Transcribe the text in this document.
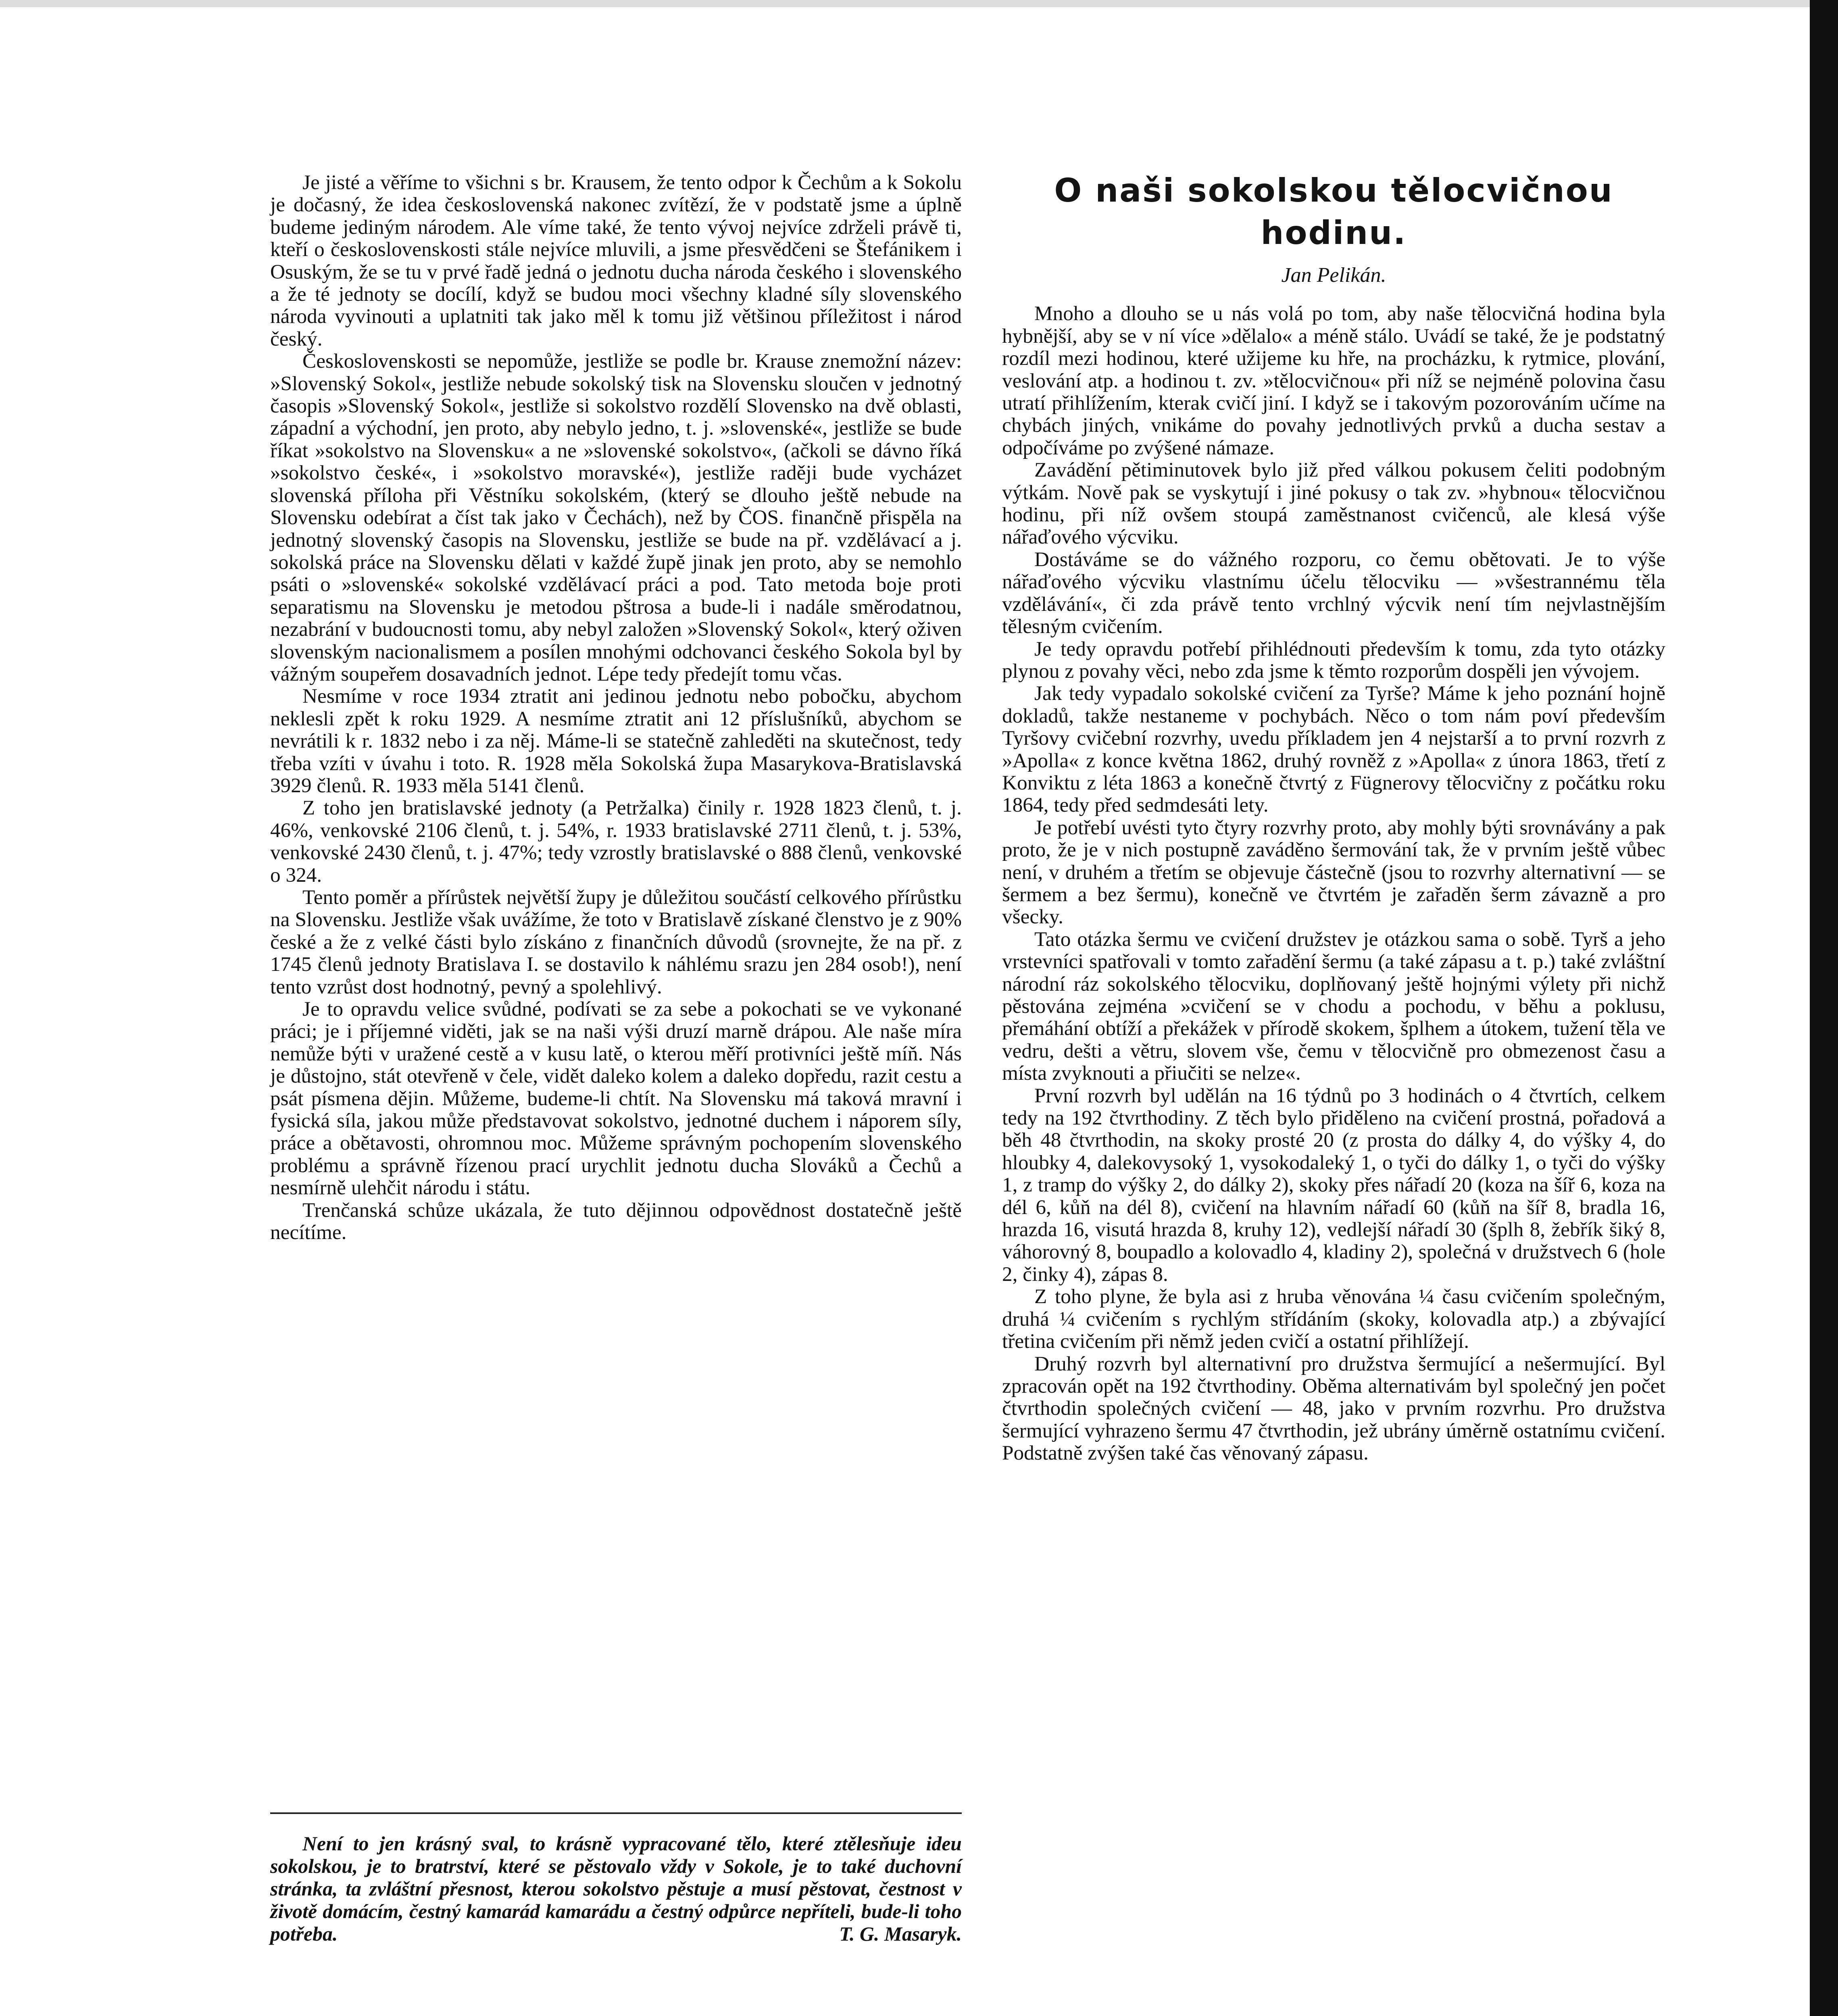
Je jisté a věříme to všichni s br. Krausem, že tento odpor k Čechům a k Sokolu je dočasný, že idea československá nakonec zvítězí, že v podstatě jsme a úplně budeme jediným národem. Ale víme také, že tento vývoj nejvíce zdrželi právě ti, kteří o československosti stále nejvíce mluvili, a jsme přesvědčeni se Štefánikem i Osuským, že se tu v prvé řadě jedná o jednotu ducha národa českého i slovenského a že té jednoty se docílí, když se budou moci všechny kladné síly slovenského národa vyvinouti a uplatniti tak jako měl k tomu již většinou příležitost i národ český.

Československosti se nepomůže, jestliže se podle br. Krause znemožní název: »Slovenský Sokol«, jestliže nebude sokolský tisk na Slovensku sloučen v jednotný časopis »Slovenský Sokol«, jestliže si sokolstvo rozdělí Slovensko na dvě oblasti, západní a východní, jen proto, aby nebylo jedno, t. j. »slovenské«, jestliže se bude říkat »sokolstvo na Slovensku« a ne »slovenské sokolstvo«, (ačkoli se dávno říká »sokolstvo české«, i »sokolstvo moravské«), jestliže raději bude vycházet slovenská příloha při Věstníku sokolském, (který se dlouho ještě nebude na Slovensku odebírat a číst tak jako v Čechách), než by ČOS. finančně přispěla na jednotný slovenský časopis na Slovensku, jestliže se bude na př. vzdělávací a j. sokolská práce na Slovensku dělati v každé župě jinak jen proto, aby se nemohlo psáti o »slovenské« sokolské vzdělávací práci a pod. Tato metoda boje proti separatismu na Slovensku je metodou pštrosa a bude-li i nadále směrodatnou, nezabrání v budoucnosti tomu, aby nebyl založen »Slovenský Sokol«, který oživen slovenským nacionalismem a posílen mnohými odchovanci českého Sokola byl by vážným soupeřem dosavadních jednot. Lépe tedy předejít tomu včas.

Nesmíme v roce 1934 ztratit ani jedinou jednotu nebo pobočku, abychom neklesli zpět k roku 1929. A nesmíme ztratit ani 12 příslušníků, abychom se nevrátili k r. 1832 nebo i za něj. Máme-li se statečně zahleděti na skutečnost, tedy třeba vzíti v úvahu i toto. R. 1928 měla Sokolská župa Masarykova-Bratislavská 3929 členů. R. 1933 měla 5141 členů.

Z toho jen bratislavské jednoty (a Petržalka) činily r. 1928 1823 členů, t. j. 46%, venkovské 2106 členů, t. j. 54%, r. 1933 bratislavské 2711 členů, t. j. 53%, venkovské 2430 členů, t. j. 47%; tedy vzrostly bratislavské o 888 členů, venkovské o 324.

Tento poměr a přírůstek největší župy je důležitou součástí celkového přírůstku na Slovensku. Jestliže však uvážíme, že toto v Bratislavě získané členstvo je z 90% české a že z velké části bylo získáno z finančních důvodů (srovnejte, že na př. z 1745 členů jednoty Bratislava I. se dostavilo k náhlému srazu jen 284 osob!), není tento vzrůst dost hodnotný, pevný a spolehlivý.

Je to opravdu velice svůdné, podívati se za sebe a pokochati se ve vykonané práci; je i příjemné viděti, jak se na naši výši druzí marně drápou. Ale naše míra nemůže býti v uražené cestě a v kusu latě, o kterou měří protivníci ještě míň. Nás je důstojno, stát otevřeně v čele, vidět daleko kolem a daleko dopředu, razit cestu a psát písmena dějin. Můžeme, budeme-li chtít. Na Slovensku má taková mravní i fysická síla, jakou může představovat sokolstvo, jednotné duchem i náporem síly, práce a obětavosti, ohromnou moc. Můžeme správným pochopením slovenského problému a správně řízenou prací urychlit jednotu ducha Slováků a Čechů a nesmírně ulehčit národu i státu.

Trenčanská schůze ukázala, že tuto dějinnou odpovědnost dostatečně ještě necítíme.

Není to jen krásný sval, to krásně vypracované tělo, které ztělesňuje ideu sokolskou, je to bratrství, které se pěstovalo vždy v Sokole, je to také duchovní stránka, ta zvláštní přesnost, kterou sokolstvo pěstuje a musí pěstovat, čestnost v životě domácím, čestný kamarád kamarádu a čestný odpůrce nepříteli, bude-li toho potřeba.	T. G. Masaryk.

O naši sokolskou tělocvičnou hodinu.
Jan Pelikán.

Mnoho a dlouho se u nás volá po tom, aby naše tělocvičná hodina byla hybnější, aby se v ní více »dělalo« a méně stálo. Uvádí se také, že je podstatný rozdíl mezi hodinou, které užijeme ku hře, na procházku, k rytmice, plování, veslování atp. a hodinou t. zv. »tělocvičnou« při níž se nejméně polovina času utratí přihlížením, kterak cvičí jiní. I když se i takovým pozorováním učíme na chybách jiných, vnikáme do povahy jednotlivých prvků a ducha sestav a odpočíváme po zvýšené námaze.

Zavádění pětiminutovek bylo již před válkou pokusem čeliti podobným výtkám. Nově pak se vyskytují i jiné pokusy o tak zv. »hybnou« tělocvičnou hodinu, při níž ovšem stoupá zaměstnanost cvičenců, ale klesá výše nářaďového výcviku.

Dostáváme se do vážného rozporu, co čemu obětovati. Je to výše nářaďového výcviku vlastnímu účelu tělocviku — »všestrannému těla vzdělávání«, či zda právě tento vrchlný výcvik není tím nejvlastnějším tělesným cvičením.

Je tedy opravdu potřebí přihlédnouti především k tomu, zda tyto otázky plynou z povahy věci, nebo zda jsme k těmto rozporům dospěli jen vývojem.

Jak tedy vypadalo sokolské cvičení za Tyrše? Máme k jeho poznání hojně dokladů, takže nestaneme v pochybách. Něco o tom nám poví především Tyršovy cvičební rozvrhy, uvedu příkladem jen 4 nejstarší a to první rozvrh z »Apolla« z konce května 1862, druhý rovněž z »Apolla« z února 1863, třetí z Konviktu z léta 1863 a konečně čtvrtý z Fügnerovy tělocvičny z počátku roku 1864, tedy před sedmdesáti lety.

Je potřebí uvésti tyto čtyry rozvrhy proto, aby mohly býti srovnávány a pak proto, že je v nich postupně zaváděno šermování tak, že v prvním ještě vůbec není, v druhém a třetím se objevuje částečně (jsou to rozvrhy alternativní — se šermem a bez šermu), konečně ve čtvrtém je zařaděn šerm závazně a pro všecky.

Tato otázka šermu ve cvičení družstev je otázkou sama o sobě. Tyrš a jeho vrstevníci spatřovali v tomto zařadění šermu (a také zápasu a t. p.) také zvláštní národní ráz sokolského tělocviku, doplňovaný ještě hojnými výlety při nichž pěstována zejména »cvičení se v chodu a pochodu, v běhu a poklusu, přemáhání obtíží a překážek v přírodě skokem, šplhem a útokem, tužení těla ve vedru, dešti a větru, slovem vše, čemu v tělocvičně pro obmezenost času a místa zvyknouti a přiučiti se nelze«.

První rozvrh byl udělán na 16 týdnů po 3 hodinách o 4 čtvrtích, celkem tedy na 192 čtvrthodiny. Z těch bylo přiděleno na cvičení prostná, pořadová a běh 48 čtvrthodin, na skoky prosté 20 (z prosta do dálky 4, do výšky 4, do hloubky 4, dalekovysoký 1, vysokodaleký 1, o tyči do dálky 1, o tyči do výšky 1, z tramp do výšky 2, do dálky 2), skoky přes nářadí 20 (koza na šíř 6, koza na dél 6, kůň na dél 8), cvičení na hlavním nářadí 60 (kůň na šíř 8, bradla 16, hrazda 16, visutá hrazda 8, kruhy 12), vedlejší nářadí 30 (šplh 8, žebřík šiký 8, váhorovný 8, boupadlo a kolovadlo 4, kladiny 2), společná v družstvech 6 (hole 2, činky 4), zápas 8.

Z toho plyne, že byla asi z hruba věnována ¼ času cvičením společným, druhá ¼ cvičením s rychlým střídáním (skoky, kolovadla atp.) a zbývající třetina cvičením při němž jeden cvičí a ostatní přihlížejí.

Druhý rozvrh byl alternativní pro družstva šermující a nešermující. Byl zpracován opět na 192 čtvrthodiny. Oběma alternativám byl společný jen počet čtvrthodin společných cvičení — 48, jako v prvním rozvrhu. Pro družstva šermující vyhrazeno šermu 47 čtvrthodin, jež ubrány úměrně ostatnímu cvičení. Podstatně zvýšen také čas věnovaný zápasu.
